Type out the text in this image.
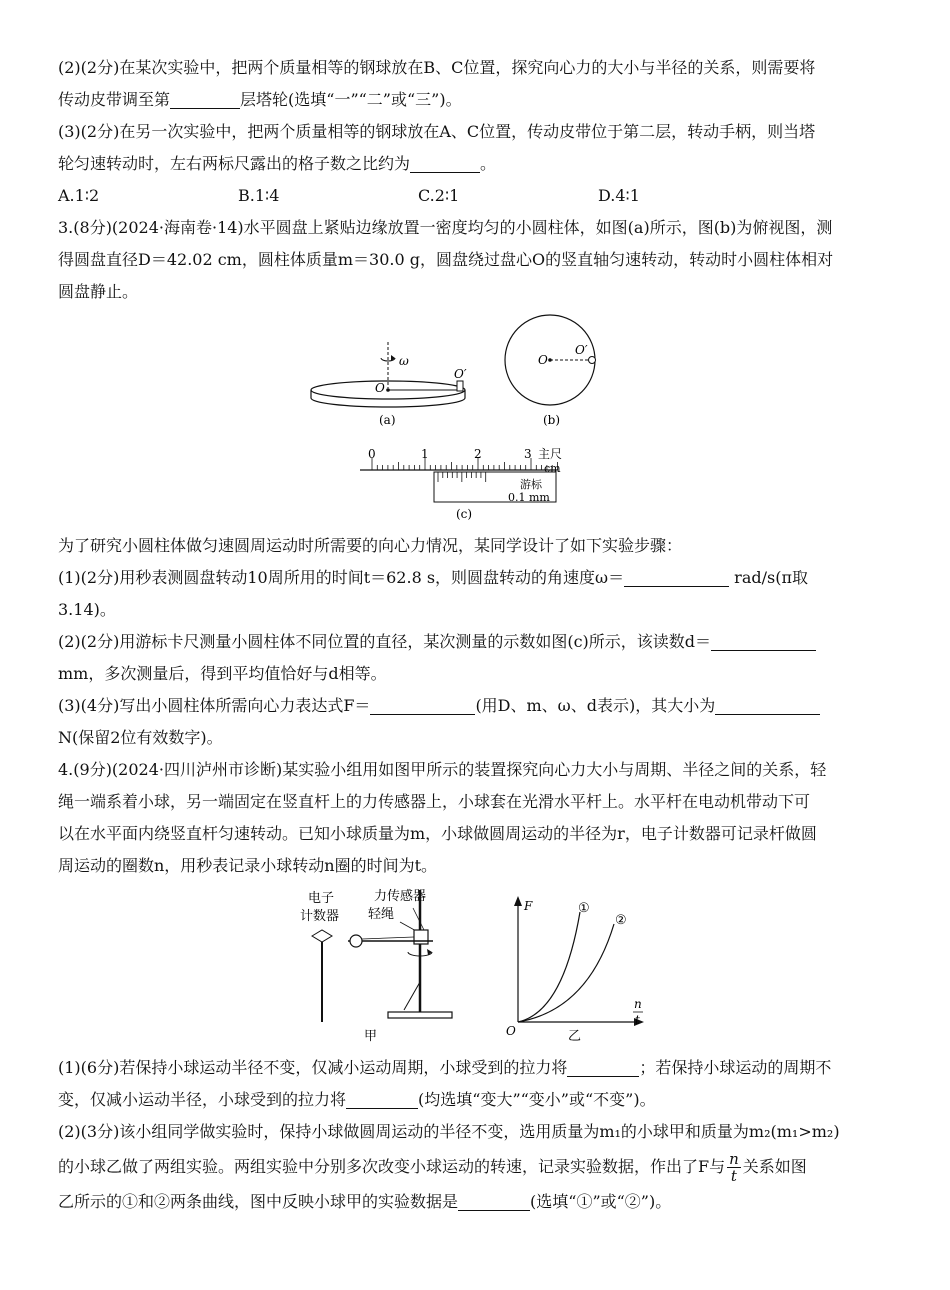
(2)(2分)在某次实验中，把两个质量相等的钢球放在B、C位置，探究向心力的大小与半径的关系，则需要将

传动皮带调至第	层塔轮(选填“一”“二”或“三”)。

(3)(2分)在另一次实验中，把两个质量相等的钢球放在A、C位置，传动皮带位于第二层，转动手柄，则当塔

轮匀速转动时，左右两标尺露出的格子数之比约为	。

A.1∶2	B.1∶4	C.2∶1	D.4∶1

3.(8分)(2024·海南卷·14)水平圆盘上紧贴边缘放置一密度均匀的小圆柱体，如图(a)所示，图(b)为俯视图，测

得圆盘直径D＝42.02 cm，圆柱体质量m＝30.0 g，圆盘绕过盘心O的竖直轴匀速转动，转动时小圆柱体相对

圆盘静止。

ω
O
O′
(a)
O
O′
(b)
0	1	2	3 主尺
cm
游标
0.1 mm
(c)

为了研究小圆柱体做匀速圆周运动时所需要的向心力情况，某同学设计了如下实验步骤：

(1)(2分)用秒表测圆盘转动10周所用的时间t＝62.8 s，则圆盘转动的角速度ω＝	rad/s(π取

3.14)。

(2)(2分)用游标卡尺测量小圆柱体不同位置的直径，某次测量的示数如图(c)所示，该读数d＝

mm，多次测量后，得到平均值恰好与d相等。

(3)(4分)写出小圆柱体所需向心力表达式F＝	(用D、m、ω、d表示)，其大小为

N(保留2位有效数字)。

4.(9分)(2024·四川泸州市诊断)某实验小组用如图甲所示的装置探究向心力大小与周期、半径之间的关系，轻

绳一端系着小球，另一端固定在竖直杆上的力传感器上，小球套在光滑水平杆上。水平杆在电动机带动下可

以在水平面内绕竖直杆匀速转动。已知小球质量为m，小球做圆周运动的半径为r，电子计数器可记录杆做圆

周运动的圈数n，用秒表记录小球转动n圈的时间为t。

电子
计数器
力传感器
轻绳
甲
F
O
n
t
①
②
乙

(1)(6分)若保持小球运动半径不变，仅减小运动周期，小球受到的拉力将	；若保持小球运动的周期不

变，仅减小运动半径，小球受到的拉力将	(均选填“变大”“变小”或“不变”)。

(2)(3分)该小组同学做实验时，保持小球做圆周运动的半径不变，选用质量为m₁的小球甲和质量为m₂(m₁>m₂)

的小球乙做了两组实验。两组实验中分别多次改变小球运动的转速，记录实验数据，作出了F与 $\frac{n}{t}$ 关系如图

乙所示的①和②两条曲线，图中反映小球甲的实验数据是	(选填“①”或“②”)。
